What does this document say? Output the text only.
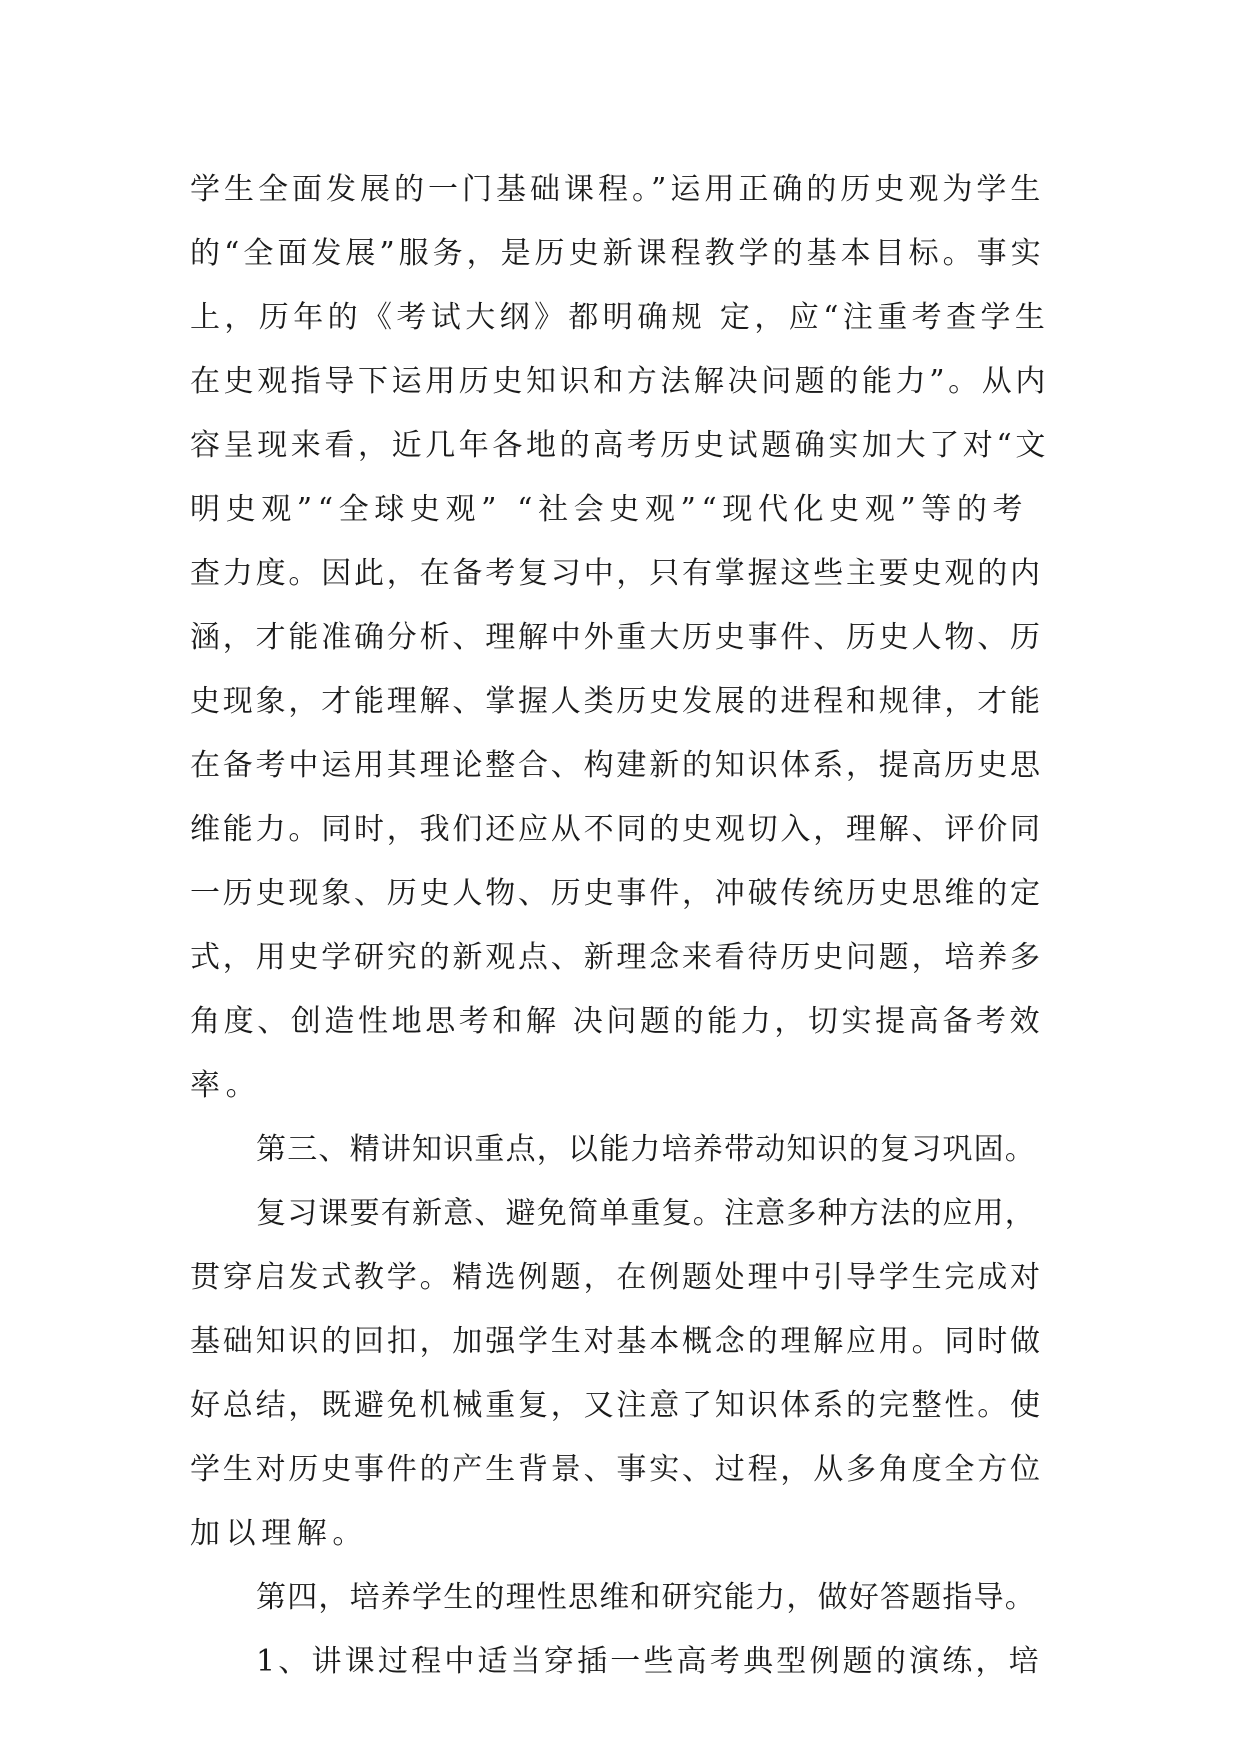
学生全面发展的一门基础课程。”运用正确的历史观为学生
的“全面发展”服务，是历史新课程教学的基本目标。事实
上，历年的《考试大纲》都明确规 定，应“注重考查学生
在史观指导下运用历史知识和方法解决问题的能力”。从内
容呈现来看，近几年各地的高考历史试题确实加大了对“文
明史观”“全球史观” “社会史观”“现代化史观”等的考
查力度。因此，在备考复习中，只有掌握这些主要史观的内
涵，才能准确分析、理解中外重大历史事件、历史人物、历
史现象，才能理解、掌握人类历史发展的进程和规律，才能
在备考中运用其理论整合、构建新的知识体系，提高历史思
维能力。同时，我们还应从不同的史观切入，理解、评价同
一历史现象、历史人物、历史事件，冲破传统历史思维的定
式，用史学研究的新观点、新理念来看待历史问题，培养多
角度、创造性地思考和解 决问题的能力，切实提高备考效
率。
第三、精讲知识重点，以能力培养带动知识的复习巩固。
复习课要有新意、避免简单重复。注意多种方法的应用，
贯穿启发式教学。精选例题，在例题处理中引导学生完成对
基础知识的回扣，加强学生对基本概念的理解应用。同时做
好总结，既避免机械重复，又注意了知识体系的完整性。使
学生对历史事件的产生背景、事实、过程，从多角度全方位
加以理解。
第四，培养学生的理性思维和研究能力，做好答题指导。
1、讲课过程中适当穿插一些高考典型例题的演练，培
